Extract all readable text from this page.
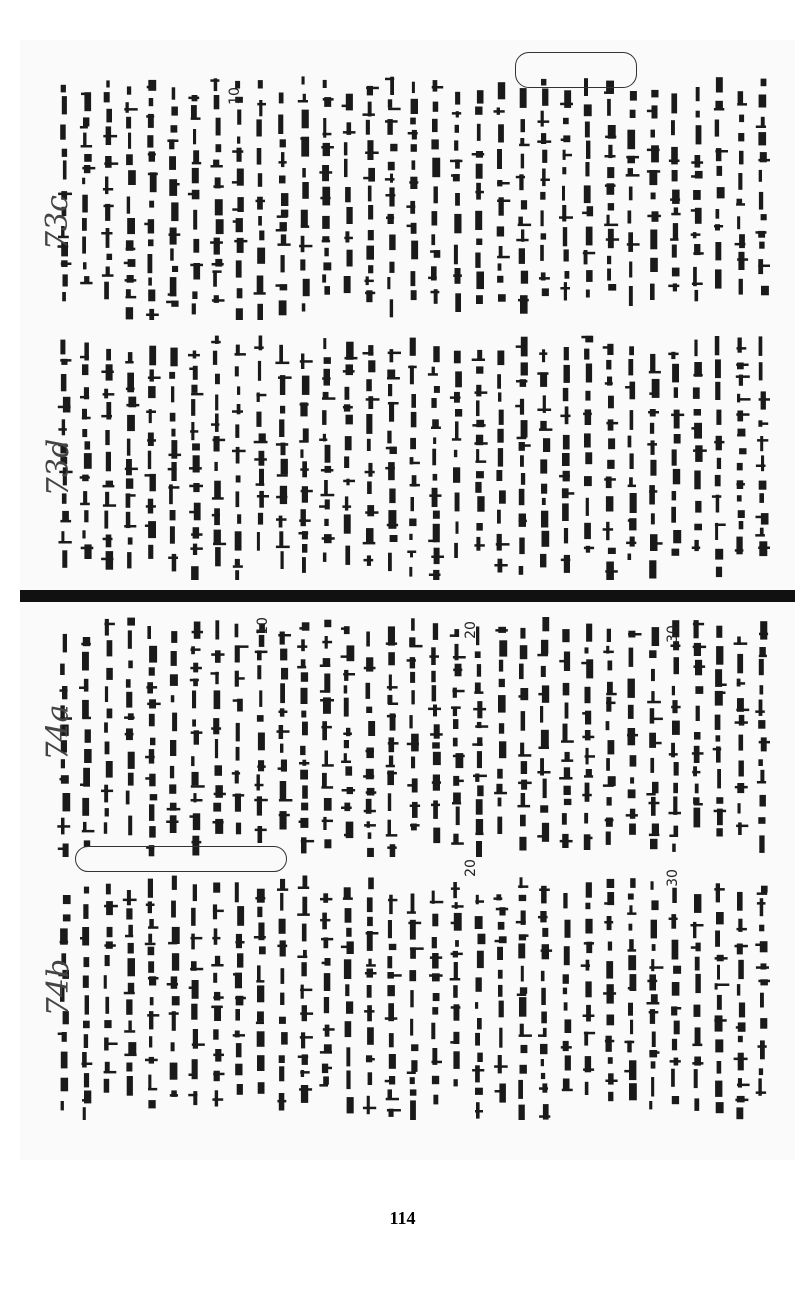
73c
73d
74a
74b
10
10	20	30
20
30
114
